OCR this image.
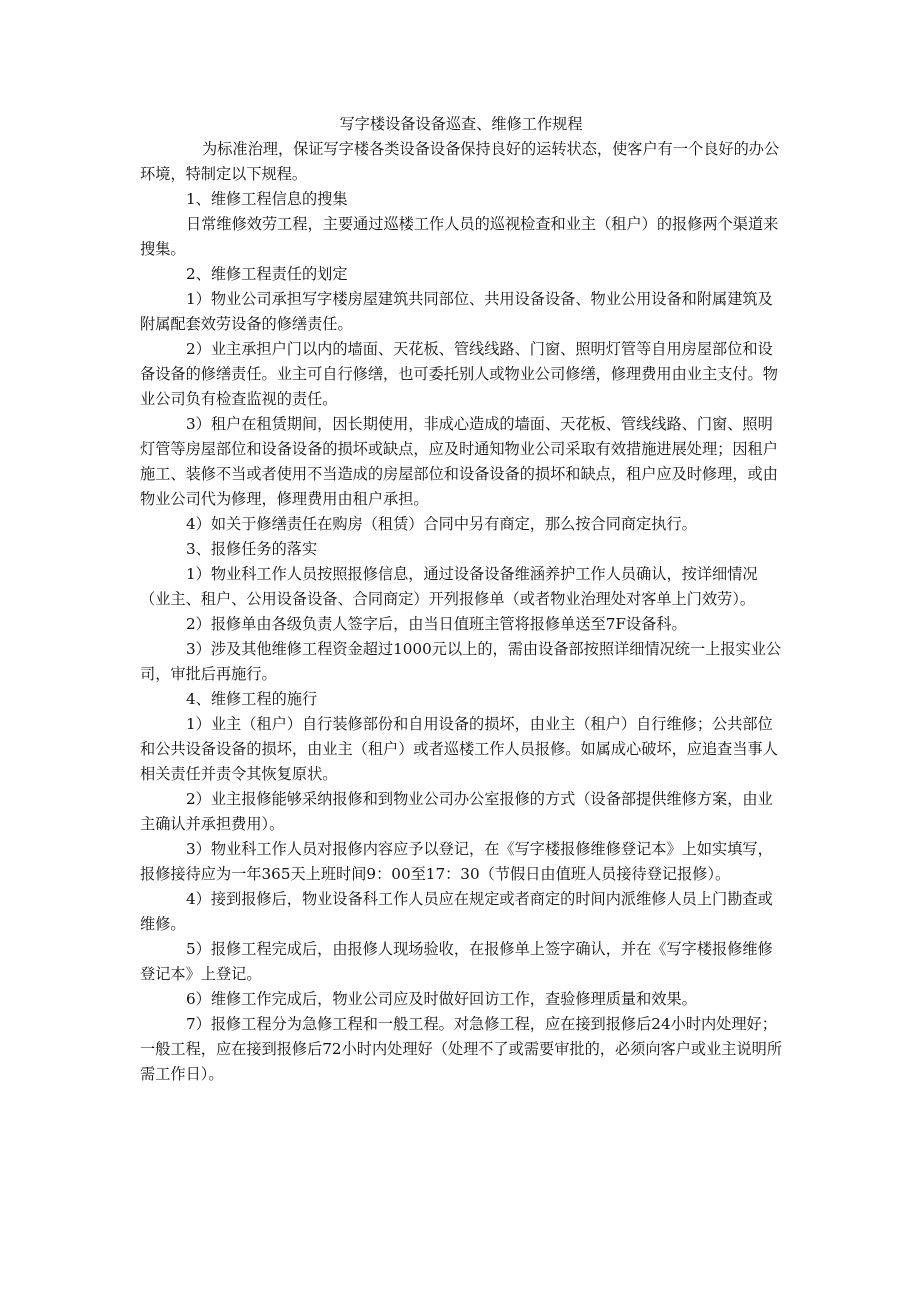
写字楼设备设备巡查、维修工作规程

为标准治理，保证写字楼各类设备设备保持良好的运转状态，使客户有一个良好的办公环境，特制定以下规程。

1、维修工程信息的搜集

日常维修效劳工程，主要通过巡楼工作人员的巡视检查和业主（租户）的报修两个渠道来搜集。

2、维修工程责任的划定

1）物业公司承担写字楼房屋建筑共同部位、共用设备设备、物业公用设备和附属建筑及附属配套效劳设备的修缮责任。

2）业主承担户门以内的墙面、天花板、管线线路、门窗、照明灯管等自用房屋部位和设备设备的修缮责任。业主可自行修缮，也可委托别人或物业公司修缮，修理费用由业主支付。物业公司负有检查监视的责任。

3）租户在租赁期间，因长期使用，非成心造成的墙面、天花板、管线线路、门窗、照明灯管等房屋部位和设备设备的损坏或缺点，应及时通知物业公司采取有效措施进展处理；因租户施工、装修不当或者使用不当造成的房屋部位和设备设备的损坏和缺点，租户应及时修理，或由物业公司代为修理，修理费用由租户承担。

4）如关于修缮责任在购房（租赁）合同中另有商定，那么按合同商定执行。

3、报修任务的落实

1）物业科工作人员按照报修信息，通过设备设备维涵养护工作人员确认，按详细情况（业主、租户、公用设备设备、合同商定）开列报修单（或者物业治理处对客单上门效劳）。

2）报修单由各级负责人签字后，由当日值班主管将报修单送至7F设备科。

3）涉及其他维修工程资金超过1000元以上的，需由设备部按照详细情况统一上报实业公司，审批后再施行。

4、维修工程的施行

1）业主（租户）自行装修部份和自用设备的损坏，由业主（租户）自行维修；公共部位和公共设备设备的损坏，由业主（租户）或者巡楼工作人员报修。如属成心破坏，应追查当事人相关责任并责令其恢复原状。

2）业主报修能够采纳报修和到物业公司办公室报修的方式（设备部提供维修方案，由业主确认并承担费用）。

3）物业科工作人员对报修内容应予以登记，在《写字楼报修维修登记本》上如实填写，报修接待应为一年365天上班时间9：00至17：30（节假日由值班人员接待登记报修）。

4）接到报修后，物业设备科工作人员应在规定或者商定的时间内派维修人员上门勘查或维修。

5）报修工程完成后，由报修人现场验收，在报修单上签字确认，并在《写字楼报修维修登记本》上登记。

6）维修工作完成后，物业公司应及时做好回访工作，查验修理质量和效果。

7）报修工程分为急修工程和一般工程。对急修工程，应在接到报修后24小时内处理好；一般工程，应在接到报修后72小时内处理好（处理不了或需要审批的，必须向客户或业主说明所需工作日）。
